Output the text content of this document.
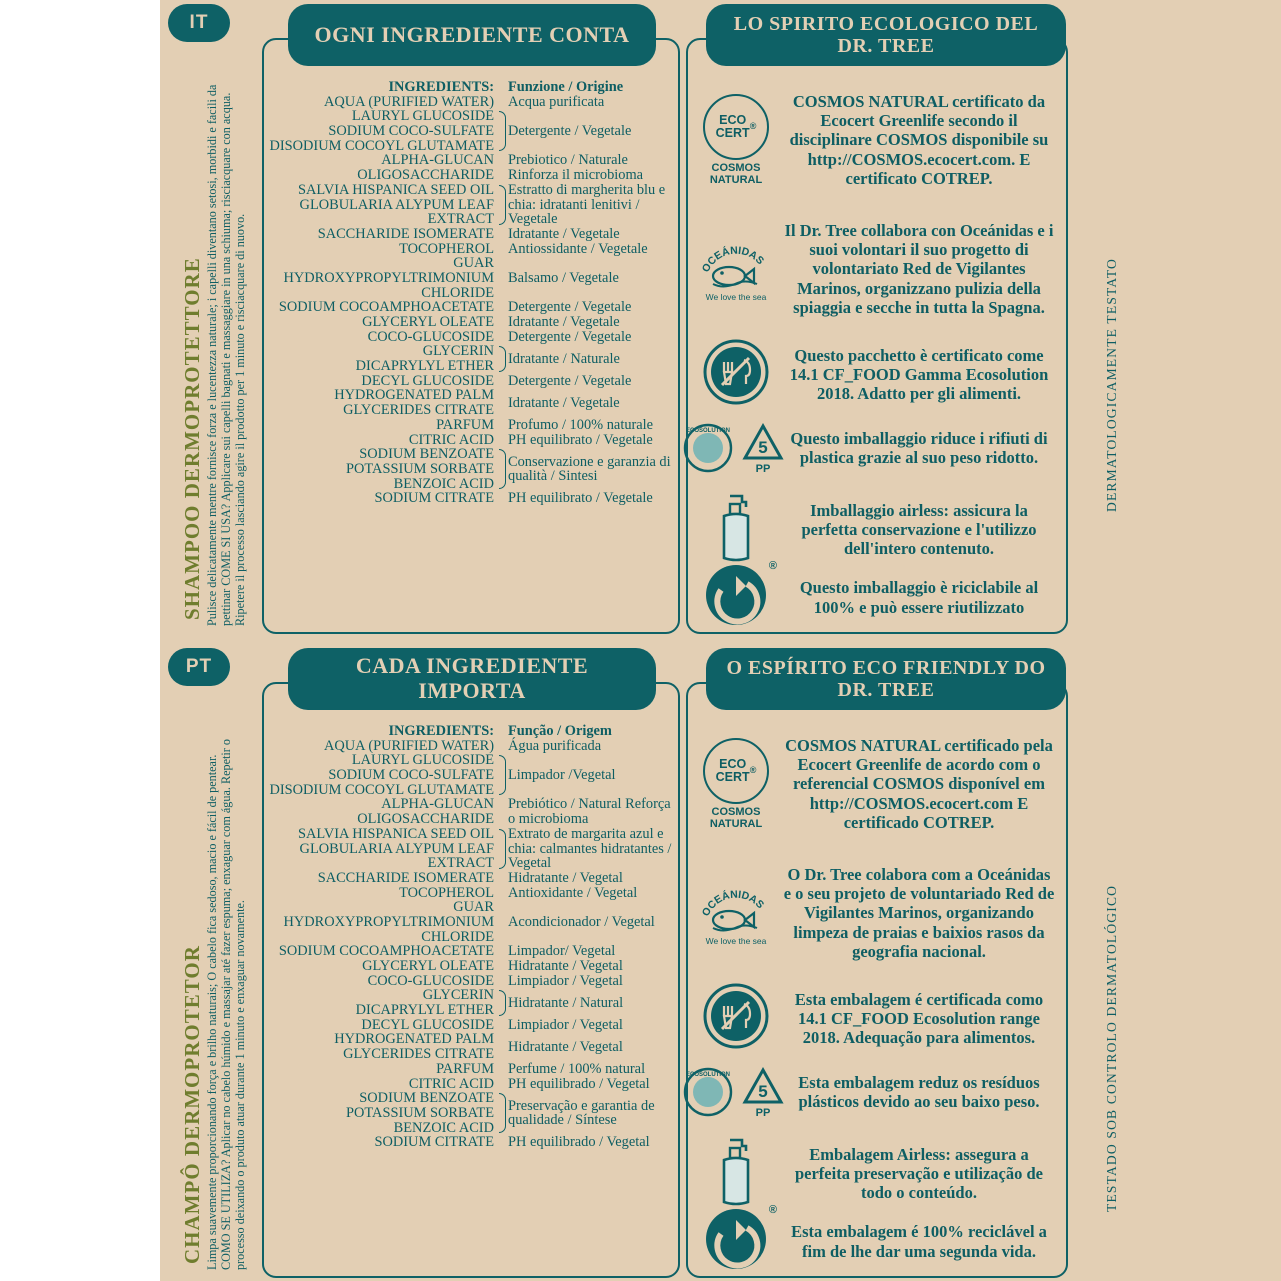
IT
SHAMPOO DERMOPROTETTORE Pulisce delicatamente mentre fornisce forza e lucentezza naturale; i capelli diventano setosi, morbidi e facili da pettinar COME SI USA? Applicare sui capelli bagnati e massaggiare in una schiuma; risciacquare con acqua. Ripetere il processo lasciando agire il prodotto per 1 minuto e risciacquare di nuovo.	DERMATOLOGICAMENTE TESTATO
OGNI INGREDIENTE CONTA
INGREDIENTS: Funzione / Origine
AQUA (PURIFIED WATER) Acqua purificata
LAURYL GLUCOSIDE
SODIUM COCO-SULFATE
DISODIUM COCOYL GLUTAMATE
Detergente / Vegetale
ALPHA-GLUCAN
OLIGOSACCHARIDE
Prebiotico / Naturale Rinforza il microbioma
SALVIA HISPANICA SEED OIL
GLOBULARIA ALYPUM LEAF
EXTRACT
Estratto di margherita blu e chia: idratanti lenitivi / Vegetale
SACCHARIDE ISOMERATE Idratante / Vegetale
TOCOPHEROL Antiossidante / Vegetale
GUAR
HYDROXYPROPYLTRIMONIUM
CHLORIDE
Balsamo / Vegetale
SODIUM COCOAMPHOACETATE Detergente / Vegetale
GLYCERYL OLEATE Idratante / Vegetale
COCO-GLUCOSIDE Detergente / Vegetale
GLYCERIN
DICAPRYLYL ETHER Idratante / Naturale
DECYL GLUCOSIDE Detergente / Vegetale
HYDROGENATED PALM
GLYCERIDES CITRATE Idratante / Vegetale
PARFUM Profumo / 100% naturale
CITRIC ACID PH equilibrato / Vegetale
SODIUM BENZOATE
POTASSIUM SORBATE
BENZOIC ACID
Conservazione e garanzia di qualità / Sintesi
SODIUM CITRATE PH equilibrato / Vegetale
LO SPIRITO ECOLOGICO DEL DR. TREE
ECO
CERT ®
COSMOS
NATURAL
COSMOS NATURAL certificato da Ecocert Greenlife secondo il disciplinare COSMOS disponibile su http://COSMOS.ecocert.com. E certificato COTREP.
OCEÁNIDAS
We love the sea
Il Dr. Tree collabora con Oceánidas e i suoi volontari il suo progetto di volontariato Red de Vigilantes Marinos, organizzano pulizia della spiaggia e secche in tutta la Spagna.
Questo pacchetto è certificato come 14.1 CF_FOOD Gamma Ecosolution 2018. Adatto per gli alimenti.
ECOSOLUTION
5
PP
Questo imballaggio riduce i rifiuti di plastica grazie al suo peso ridotto.
Imballaggio airless: assicura la perfetta conservazione e l'utilizzo dell'intero contenuto.
®
Questo imballaggio è riciclabile al 100% e può essere riutilizzato
PT
CHAMPÔ DERMOPROTETOR Limpa suavemente proporcionando força e brilho naturais; O cabelo fica sedoso, macio e fácil de pentear. COMO SE UTILIZA? Aplicar no cabelo húmido e massajar até fazer espuma; enxaguar com água. Repetir o processo deixando o produto atuar durante 1 minuto e enxaguar novamente.	TESTADO SOB CONTROLO DERMATOLÓGICO
CADA INGREDIENTE IMPORTA
INGREDIENTS: Função / Origem
AQUA (PURIFIED WATER) Água purificada
LAURYL GLUCOSIDE
SODIUM COCO-SULFATE
DISODIUM COCOYL GLUTAMATE
Limpador /Vegetal
ALPHA-GLUCAN
OLIGOSACCHARIDE
Prebiótico / Natural Reforça o microbioma
SALVIA HISPANICA SEED OIL
GLOBULARIA ALYPUM LEAF
EXTRACT
Extrato de margarita azul e chia: calmantes hidratantes / Vegetal
SACCHARIDE ISOMERATE Hidratante / Vegetal
TOCOPHEROL Antioxidante / Vegetal
GUAR
HYDROXYPROPYLTRIMONIUM
CHLORIDE
Acondicionador / Vegetal
SODIUM COCOAMPHOACETATE Limpador/ Vegetal
GLYCERYL OLEATE Hidratante / Vegetal
COCO-GLUCOSIDE Limpiador / Vegetal
GLYCERIN
DICAPRYLYL ETHER Hidratante / Natural
DECYL GLUCOSIDE Limpiador / Vegetal
HYDROGENATED PALM
GLYCERIDES CITRATE Hidratante / Vegetal
PARFUM Perfume / 100% natural
CITRIC ACID PH equilibrado / Vegetal
SODIUM BENZOATE
POTASSIUM SORBATE
BENZOIC ACID
Preservação e garantia de qualidade / Síntese
SODIUM CITRATE PH equilibrado / Vegetal
O ESPÍRITO ECO FRIENDLY DO DR. TREE
ECO
CERT ®
COSMOS
NATURAL
COSMOS NATURAL certificado pela Ecocert Greenlife de acordo com o referencial COSMOS disponível em http://COSMOS.ecocert.com E certificado COTREP.
OCEÁNIDAS
We love the sea
O Dr. Tree colabora com a Oceánidas e o seu projeto de voluntariado Red de Vigilantes Marinos, organizando limpeza de praias e baixios rasos da geografia nacional.
Esta embalagem é certificada como 14.1 CF_FOOD Ecosolution range 2018. Adequação para alimentos.
ECOSOLUTION
5
PP
Esta embalagem reduz os resíduos plásticos devido ao seu baixo peso.
Embalagem Airless: assegura a perfeita preservação e utilização de todo o conteúdo.
®
Esta embalagem é 100% reciclável a fim de lhe dar uma segunda vida.
